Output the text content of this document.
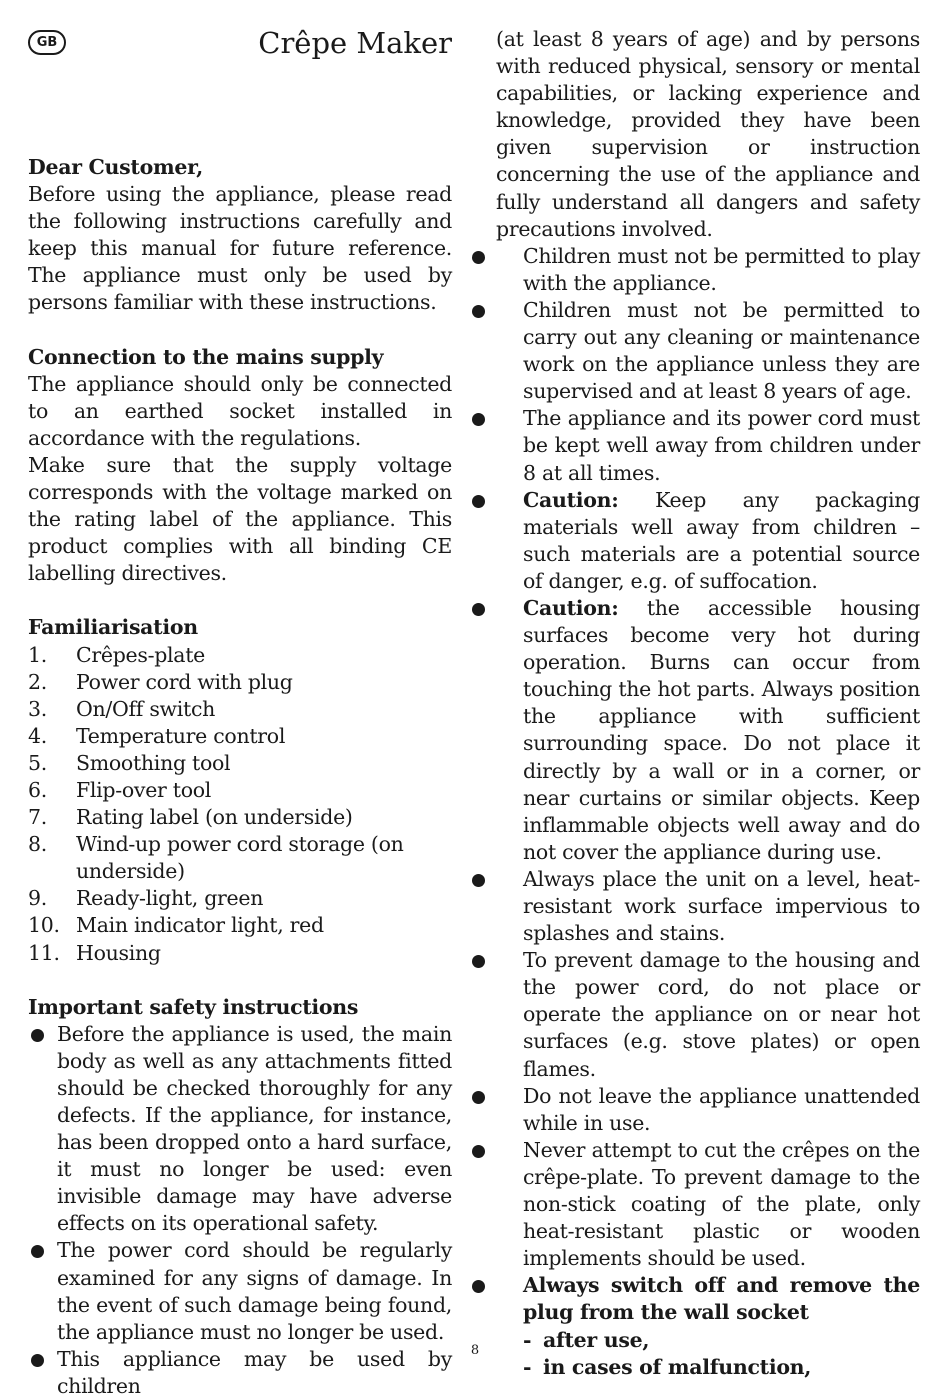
GB	Crêpe Maker
Dear Customer,

Before using the appliance, please read the following instructions carefully and keep this manual for future reference. The appliance must only be used by persons familiar with these instructions.

Connection to the mains supply

The appliance should only be connected to an earthed socket installed in accordance with the regulations.

Make sure that the supply voltage corresponds with the voltage marked on the rating label of the appliance. This product complies with all binding CE labelling directives.

Familiarisation
1.	Crêpes-plate
2.	Power cord with plug
3.	On/Off switch
4.	Temperature control
5.	Smoothing tool
6.	Flip-over tool
7.	Rating label (on underside)
8.	Wind-up power cord storage (on underside)
9.	Ready-light, green
10. Main indicator light, red
11. Housing
Important safety instructions
Before the appliance is used, the main body as well as any attachments fitted should be checked thoroughly for any defects. If the appliance, for instance, has been dropped onto a hard surface, it must no longer be used: even invisible damage may have adverse effects on its operational safety.
The power cord should be regularly examined for any signs of damage. In the event of such damage being found, the appliance must no longer be used.
This appliance may be used by children

(at least 8 years of age) and by persons with reduced physical, sensory or mental capabilities, or lacking experience and knowledge, provided they have been given supervision or instruction concerning the use of the appliance and fully understand all dangers and safety precautions involved.

Children must not be permitted to play with the appliance.
Children must not be permitted to carry out any cleaning or maintenance work on the appliance unless they are supervised and at least 8 years of age.
The appliance and its power cord must be kept well away from children under 8 at all times.
Caution: Keep any packaging materials well away from children – such materials are a potential source of danger, e.g. of suffocation.
Caution: the accessible housing surfaces become very hot during operation. Burns can occur from touching the hot parts. Always position the appliance with sufficient surrounding space. Do not place it directly by a wall or in a corner, or near curtains or similar objects. Keep inflammable objects well away and do not cover the appliance during use.
Always place the unit on a level, heat-resistant work surface impervious to splashes and stains.
To prevent damage to the housing and the power cord, do not place or operate the appliance on or near hot surfaces (e.g. stove plates) or open flames.
Do not leave the appliance unattended while in use.
Never attempt to cut the crêpes on the crêpe-plate. To prevent damage to the non-stick coating of the plate, only heat-resistant plastic or wooden implements should be used.
Always switch off and remove the plug from the wall socket
- after use,
- in cases of malfunction,
8
